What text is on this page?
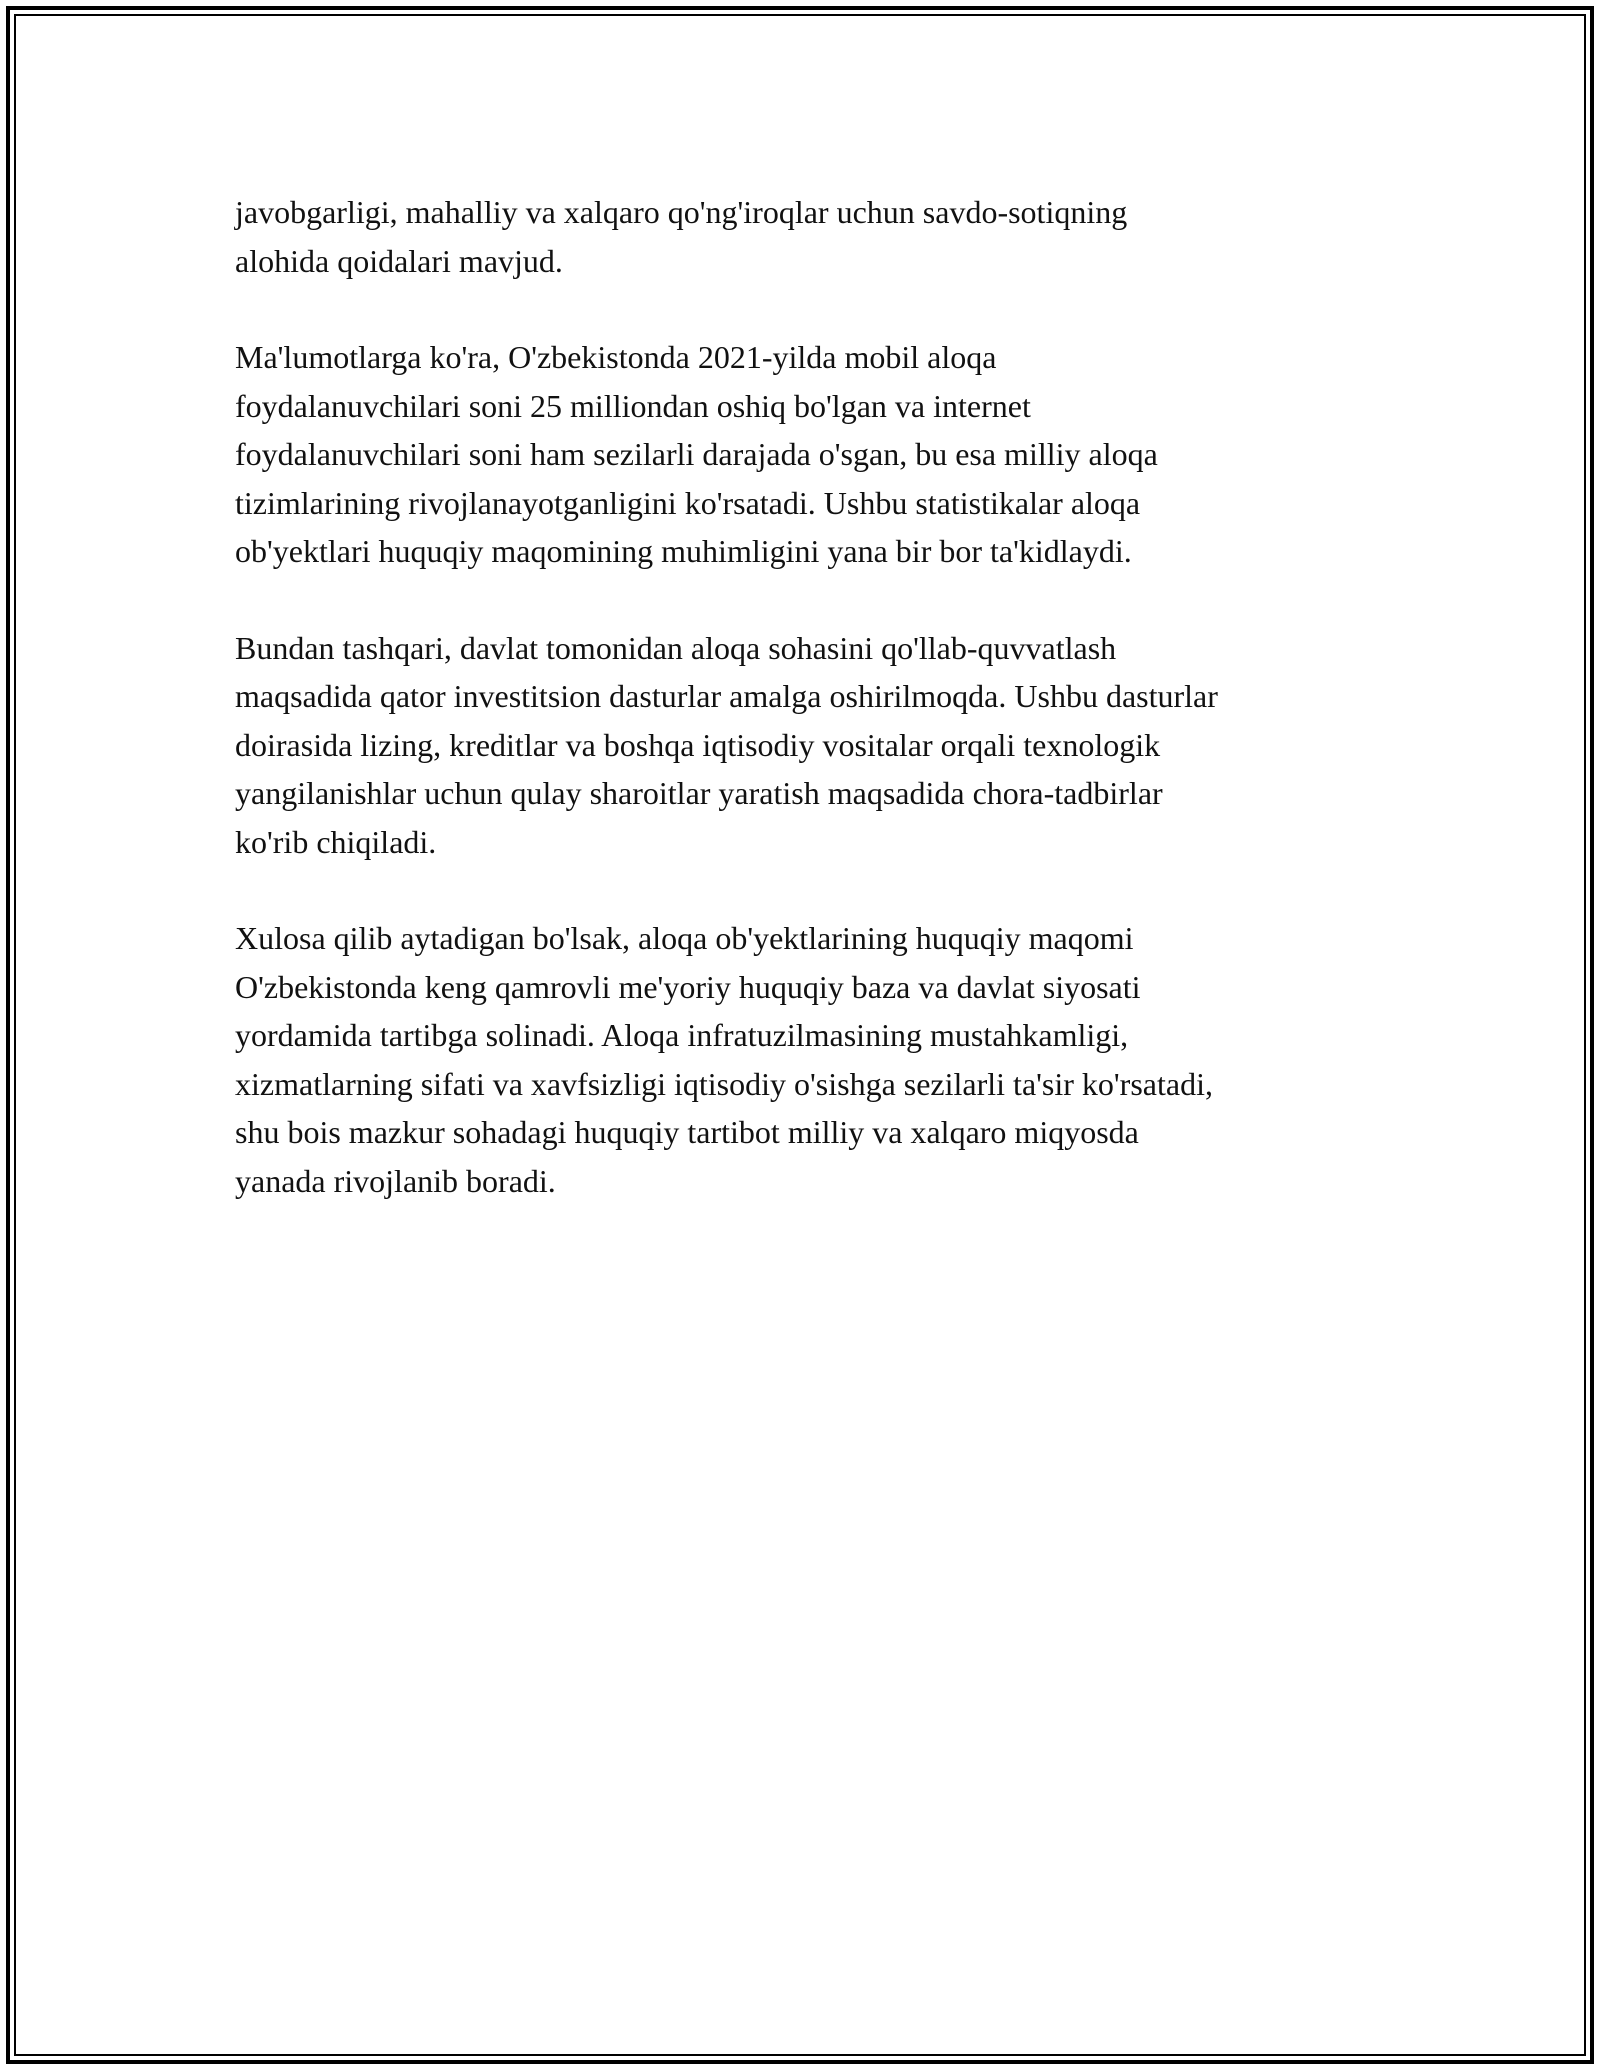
javobgarligi, mahalliy va xalqaro qo'ng'iroqlar uchun savdo-sotiqning
alohida qoidalari mavjud.

Ma'lumotlarga ko'ra, O'zbekistonda 2021-yilda mobil aloqa
foydalanuvchilari soni 25 milliondan oshiq bo'lgan va internet
foydalanuvchilari soni ham sezilarli darajada o'sgan, bu esa milliy aloqa
tizimlarining rivojlanayotganligini ko'rsatadi. Ushbu statistikalar aloqa
ob'yektlari huquqiy maqomining muhimligini yana bir bor ta'kidlaydi.

Bundan tashqari, davlat tomonidan aloqa sohasini qo'llab-quvvatlash
maqsadida qator investitsion dasturlar amalga oshirilmoqda. Ushbu dasturlar
doirasida lizing, kreditlar va boshqa iqtisodiy vositalar orqali texnologik
yangilanishlar uchun qulay sharoitlar yaratish maqsadida chora-tadbirlar
ko'rib chiqiladi.

Xulosa qilib aytadigan bo'lsak, aloqa ob'yektlarining huquqiy maqomi
O'zbekistonda keng qamrovli me'yoriy huquqiy baza va davlat siyosati
yordamida tartibga solinadi. Aloqa infratuzilmasining mustahkamligi,
xizmatlarning sifati va xavfsizligi iqtisodiy o'sishga sezilarli ta'sir ko'rsatadi,
shu bois mazkur sohadagi huquqiy tartibot milliy va xalqaro miqyosda
yanada rivojlanib boradi.
